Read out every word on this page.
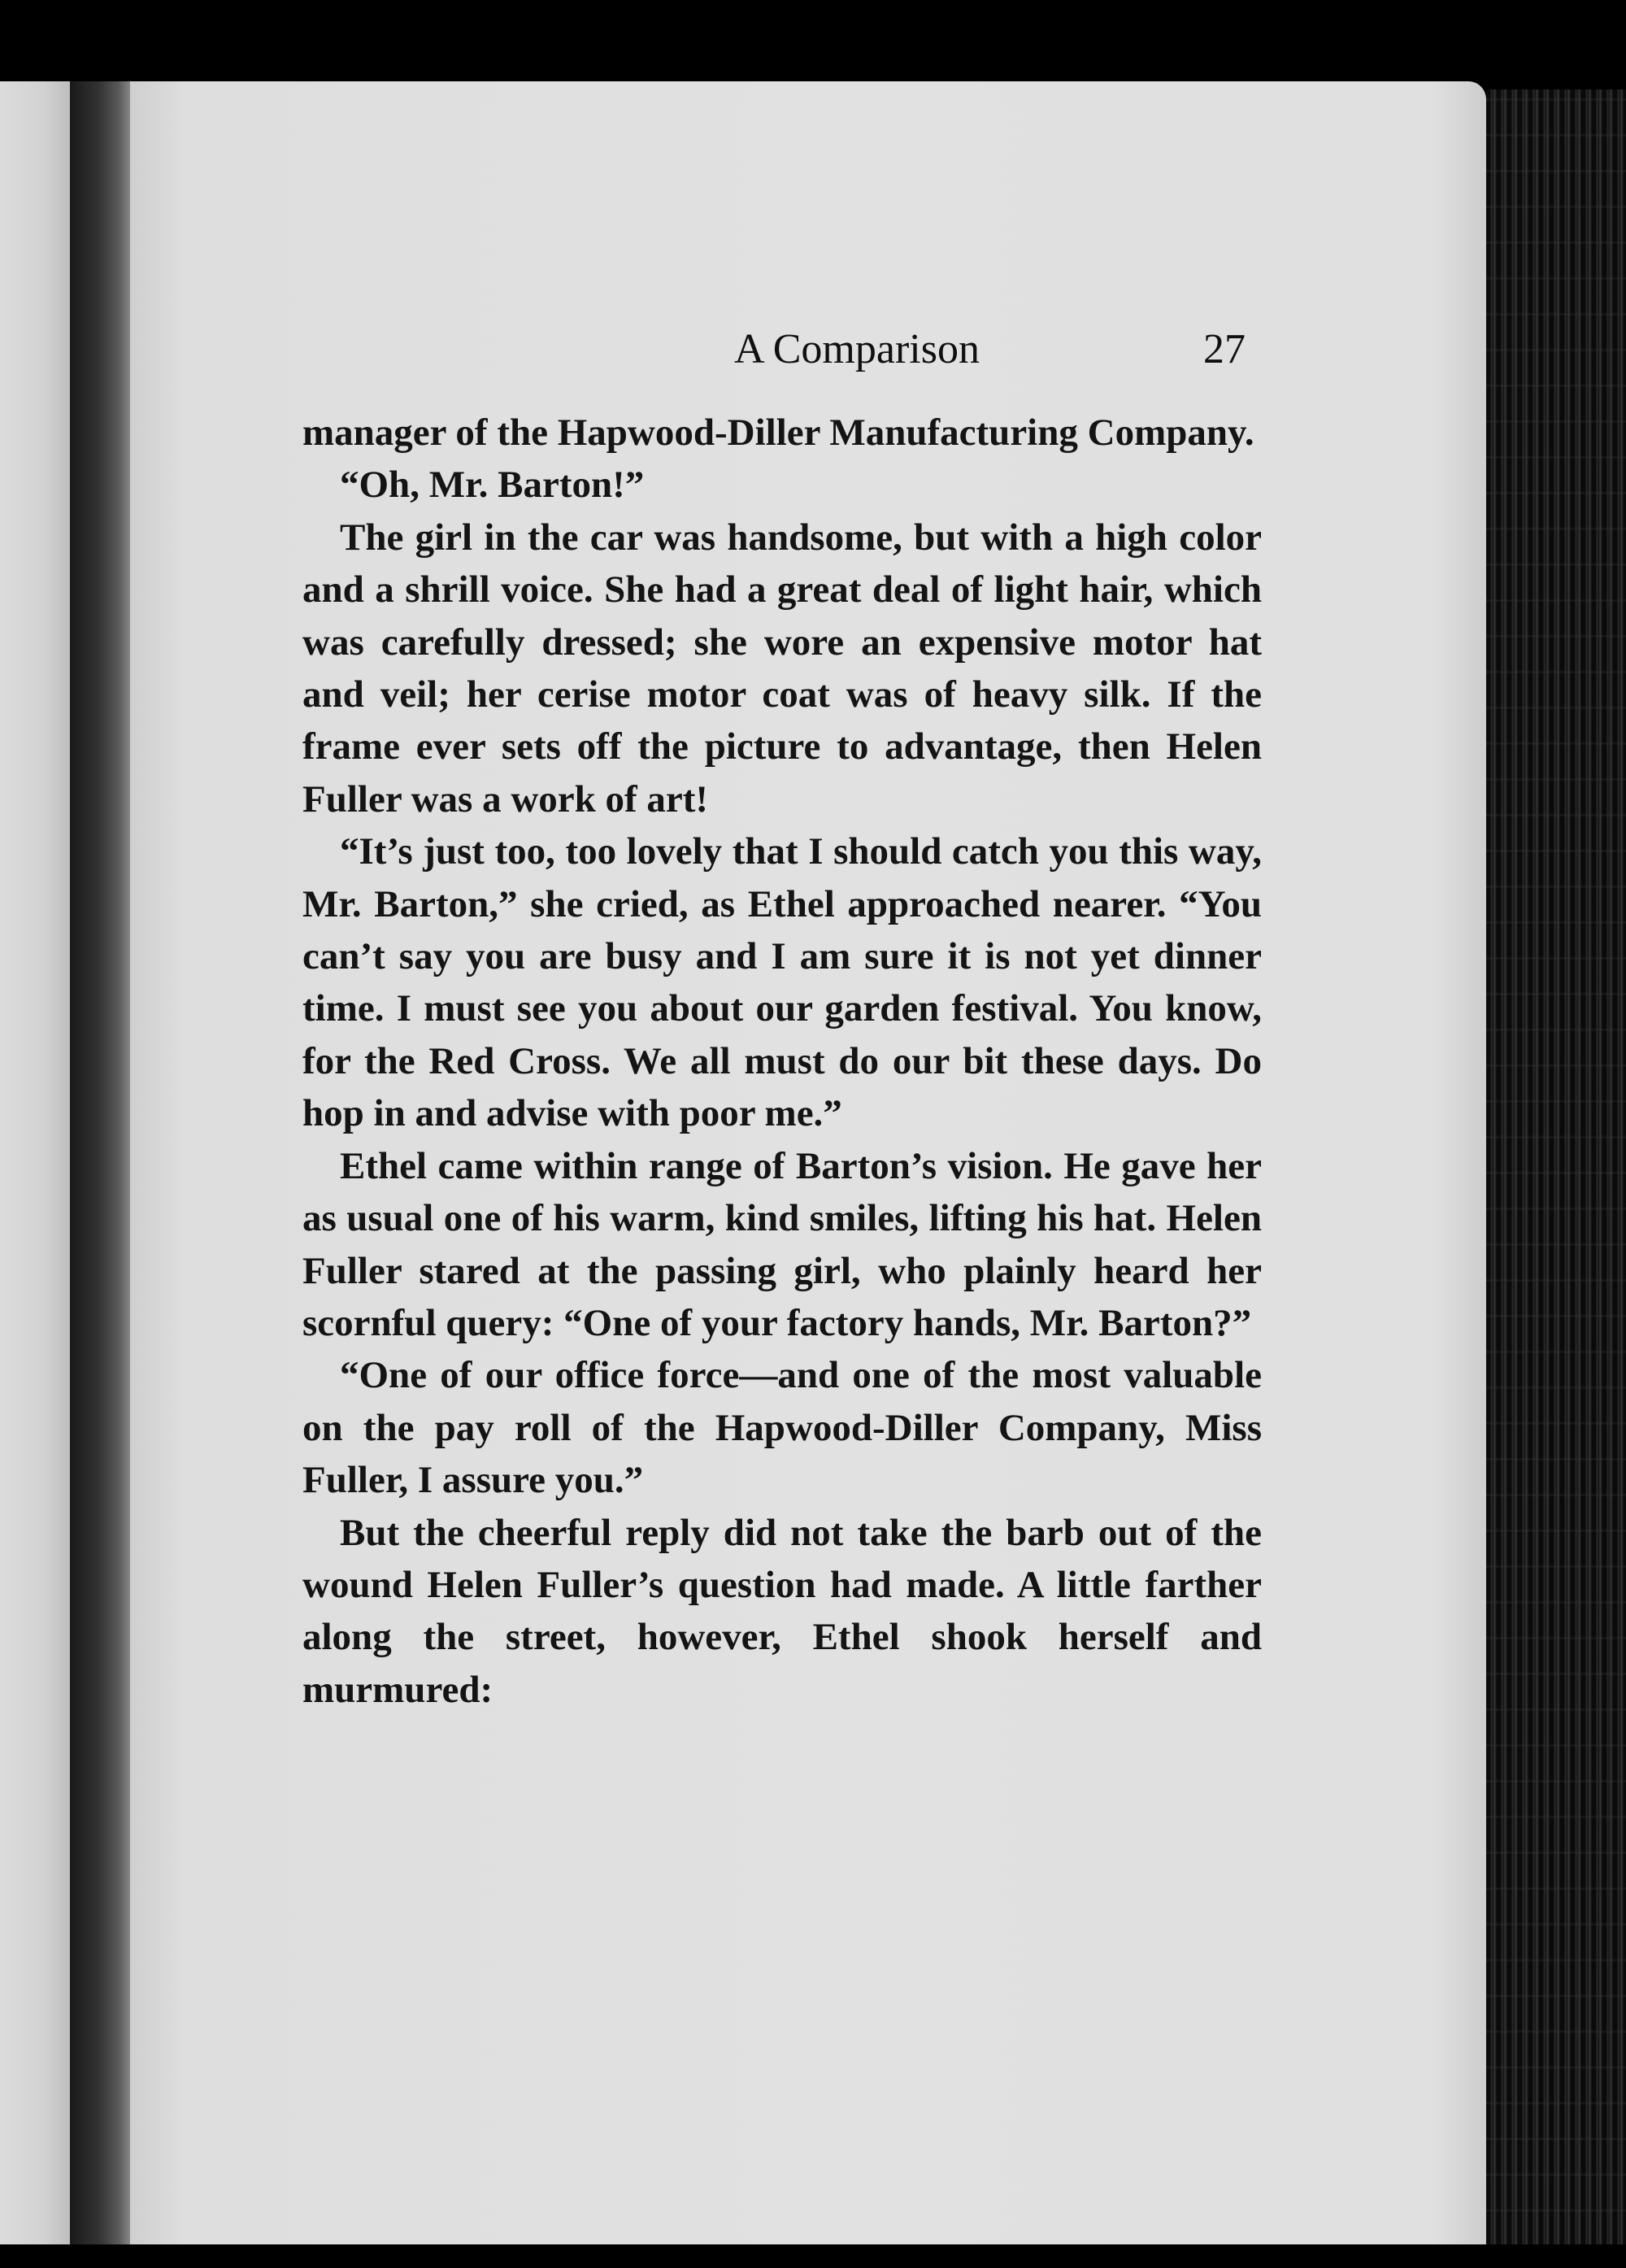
A Comparison	27

manager of the Hapwood-Diller Manufacturing Company.

“Oh, Mr. Barton!”

The girl in the car was handsome, but with a high color and a shrill voice. She had a great deal of light hair, which was carefully dressed; she wore an expensive motor hat and veil; her cerise motor coat was of heavy silk. If the frame ever sets off the picture to advantage, then Helen Fuller was a work of art!

“It’s just too, too lovely that I should catch you this way, Mr. Barton,” she cried, as Ethel approached nearer. “You can’t say you are busy and I am sure it is not yet dinner time. I must see you about our garden festival. You know, for the Red Cross. We all must do our bit these days. Do hop in and advise with poor me.”

Ethel came within range of Barton’s vision. He gave her as usual one of his warm, kind smiles, lifting his hat. Helen Fuller stared at the passing girl, who plainly heard her scornful query: “One of your factory hands, Mr. Barton?”

“One of our office force—and one of the most valuable on the pay roll of the Hapwood-Diller Company, Miss Fuller, I assure you.”

But the cheerful reply did not take the barb out of the wound Helen Fuller’s question had made. A little farther along the street, however, Ethel shook herself and murmured:
